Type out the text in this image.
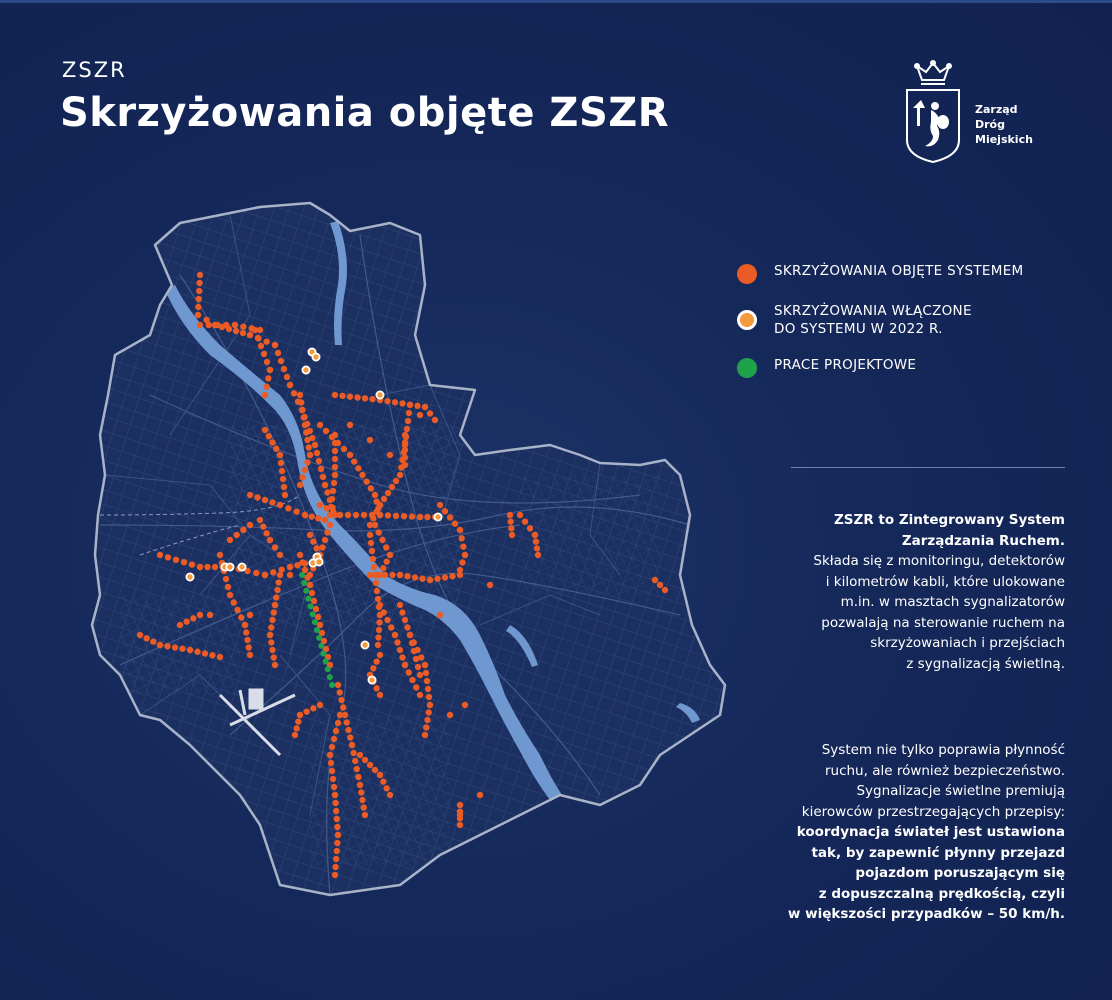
ZSZR
Skrzyżowania objęte ZSZR	Zarząd
Dróg
Miejskich
SKRZYŻOWANIA OBJĘTE SYSTEMEM
SKRZYŻOWANIA WŁĄCZONE
DO SYSTEMU W 2022 R.
PRACE PROJEKTOWE
ZSZR to Zintegrowany System
Zarządzania Ruchem.
Składa się z monitoringu, detektorów
i kilometrów kabli, które ulokowane
m.in. w masztach sygnalizatorów
pozwalają na sterowanie ruchem na
skrzyżowaniach i przejściach
z sygnalizacją świetlną.
System nie tylko poprawia płynność
ruchu, ale również bezpieczeństwo.
Sygnalizacje świetlne premiują
kierowców przestrzegających przepisy:
koordynacja świateł jest ustawiona
tak, by zapewnić płynny przejazd
pojazdom poruszającym się
z dopuszczalną prędkością, czyli
w większości przypadków – 50 km/h.
